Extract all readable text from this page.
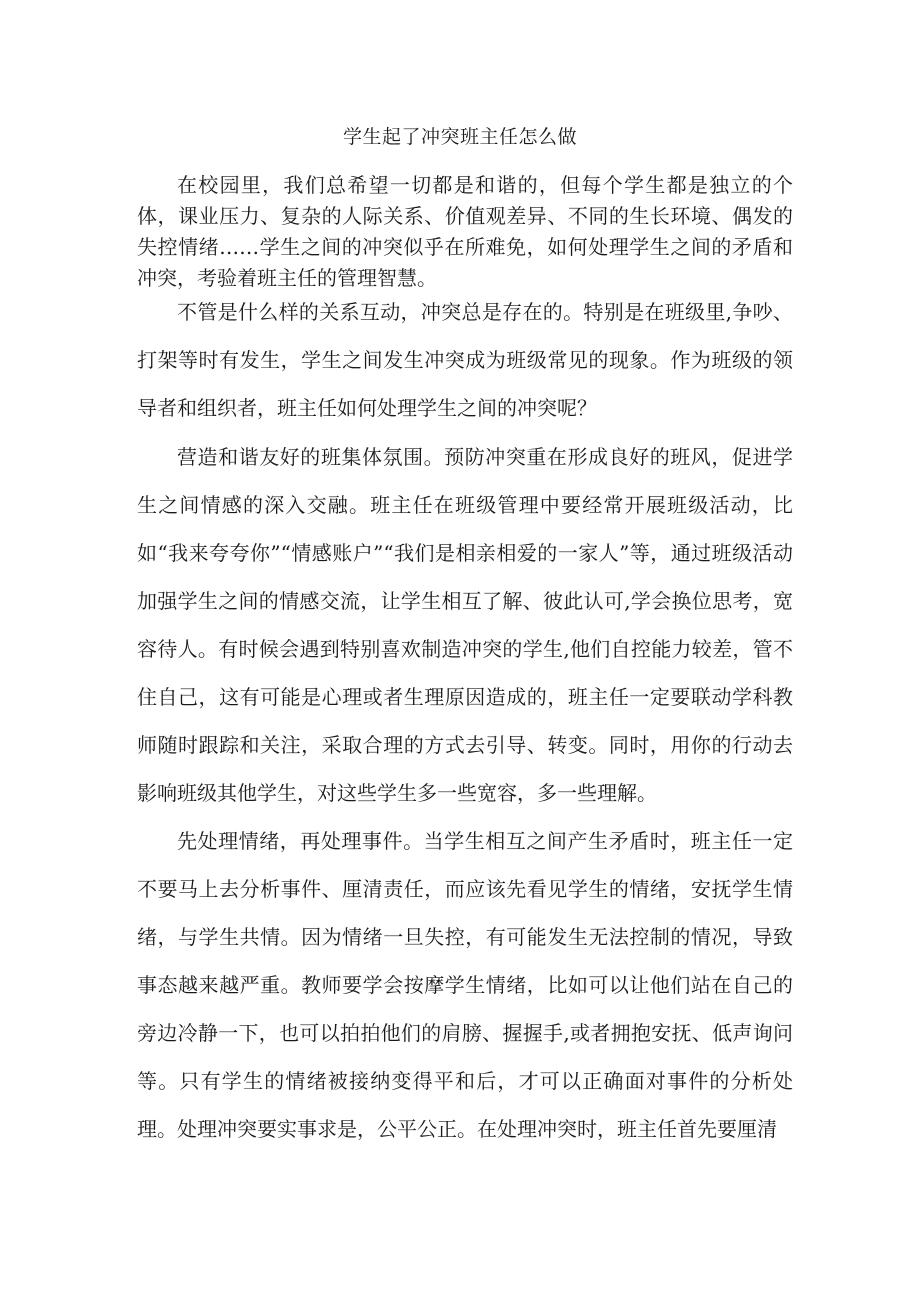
学生起了冲突班主任怎么做

在校园里，我们总希望一切都是和谐的，但每个学生都是独立的个体，课业压力、复杂的人际关系、价值观差异、不同的生长环境、偶发的失控情绪……学生之间的冲突似乎在所难免，如何处理学生之间的矛盾和冲突，考验着班主任的管理智慧。

不管是什么样的关系互动，冲突总是存在的。特别是在班级里,争吵、打架等时有发生，学生之间发生冲突成为班级常见的现象。作为班级的领导者和组织者，班主任如何处理学生之间的冲突呢？

营造和谐友好的班集体氛围。预防冲突重在形成良好的班风，促进学生之间情感的深入交融。班主任在班级管理中要经常开展班级活动，比如“我来夸夸你”“情感账户”“我们是相亲相爱的一家人”等，通过班级活动加强学生之间的情感交流，让学生相互了解、彼此认可,学会换位思考，宽容待人。有时候会遇到特别喜欢制造冲突的学生,他们自控能力较差，管不住自己，这有可能是心理或者生理原因造成的，班主任一定要联动学科教师随时跟踪和关注，采取合理的方式去引导、转变。同时，用你的行动去影响班级其他学生，对这些学生多一些宽容，多一些理解。

先处理情绪，再处理事件。当学生相互之间产生矛盾时，班主任一定不要马上去分析事件、厘清责任，而应该先看见学生的情绪，安抚学生情绪，与学生共情。因为情绪一旦失控，有可能发生无法控制的情况，导致事态越来越严重。教师要学会按摩学生情绪，比如可以让他们站在自己的旁边冷静一下，也可以拍拍他们的肩膀、握握手,或者拥抱安抚、低声询问等。只有学生的情绪被接纳变得平和后，才可以正确面对事件的分析处理。 处理冲突要实事求是，公平公正。在处理冲突时，班主任首先要厘清
